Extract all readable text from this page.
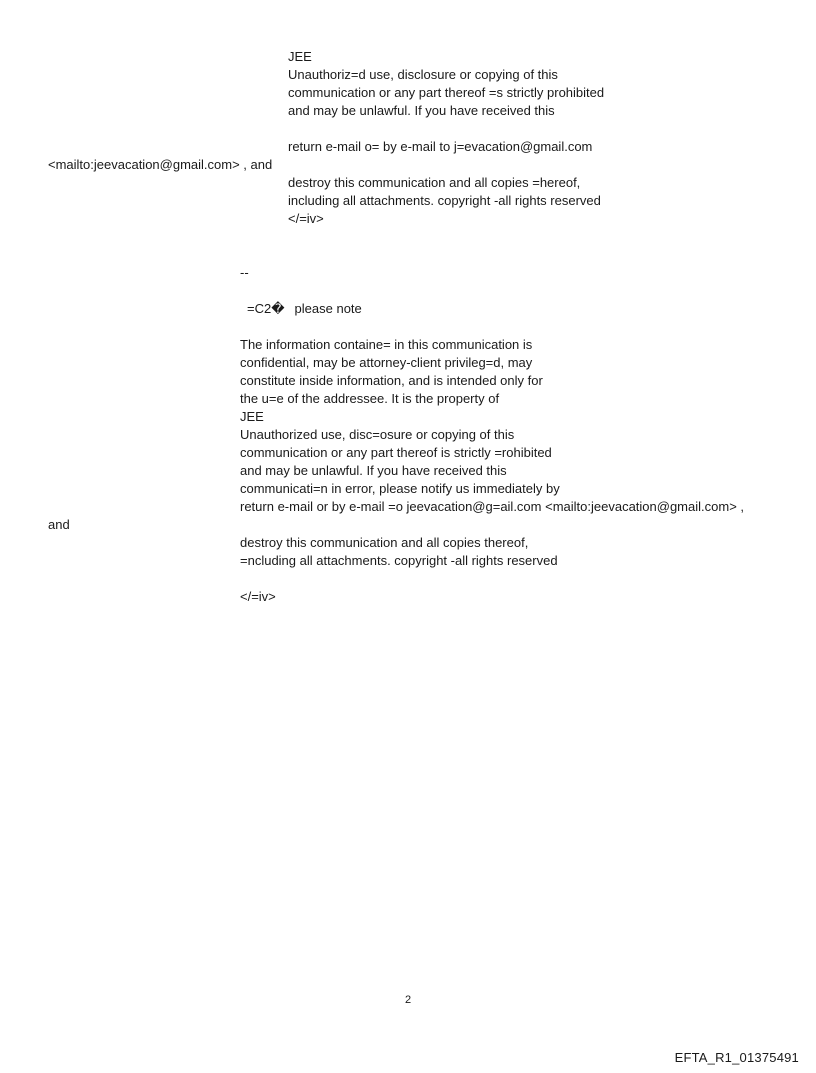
JEE
Unauthoriz=d use, disclosure or copying of this
communication or any part thereof =s strictly prohibited
and may be unlawful. If you have received this
return e-mail o= by e-mail to j=evacation@gmail.com
<mailto:jeevacation@gmail.com> , and
destroy this communication and all copies =hereof,
including all attachments. copyright -all rights reserved
</=iv>
--
=C2� please note
The information containe= in this communication is
confidential, may be attorney-client privileg=d, may
constitute inside information, and is intended only for
the u=e of the addressee. It is the property of
JEE
Unauthorized use, disc=osure or copying of this
communication or any part thereof is strictly =rohibited
and may be unlawful. If you have received this
communicati=n in error, please notify us immediately by
return e-mail or by e-mail =o jeevacation@g=ail.com <mailto:jeevacation@gmail.com> ,
and
destroy this communication and all copies thereof,
=ncluding all attachments. copyright -all rights reserved
</=iv>
2
EFTA_R1_01375491
